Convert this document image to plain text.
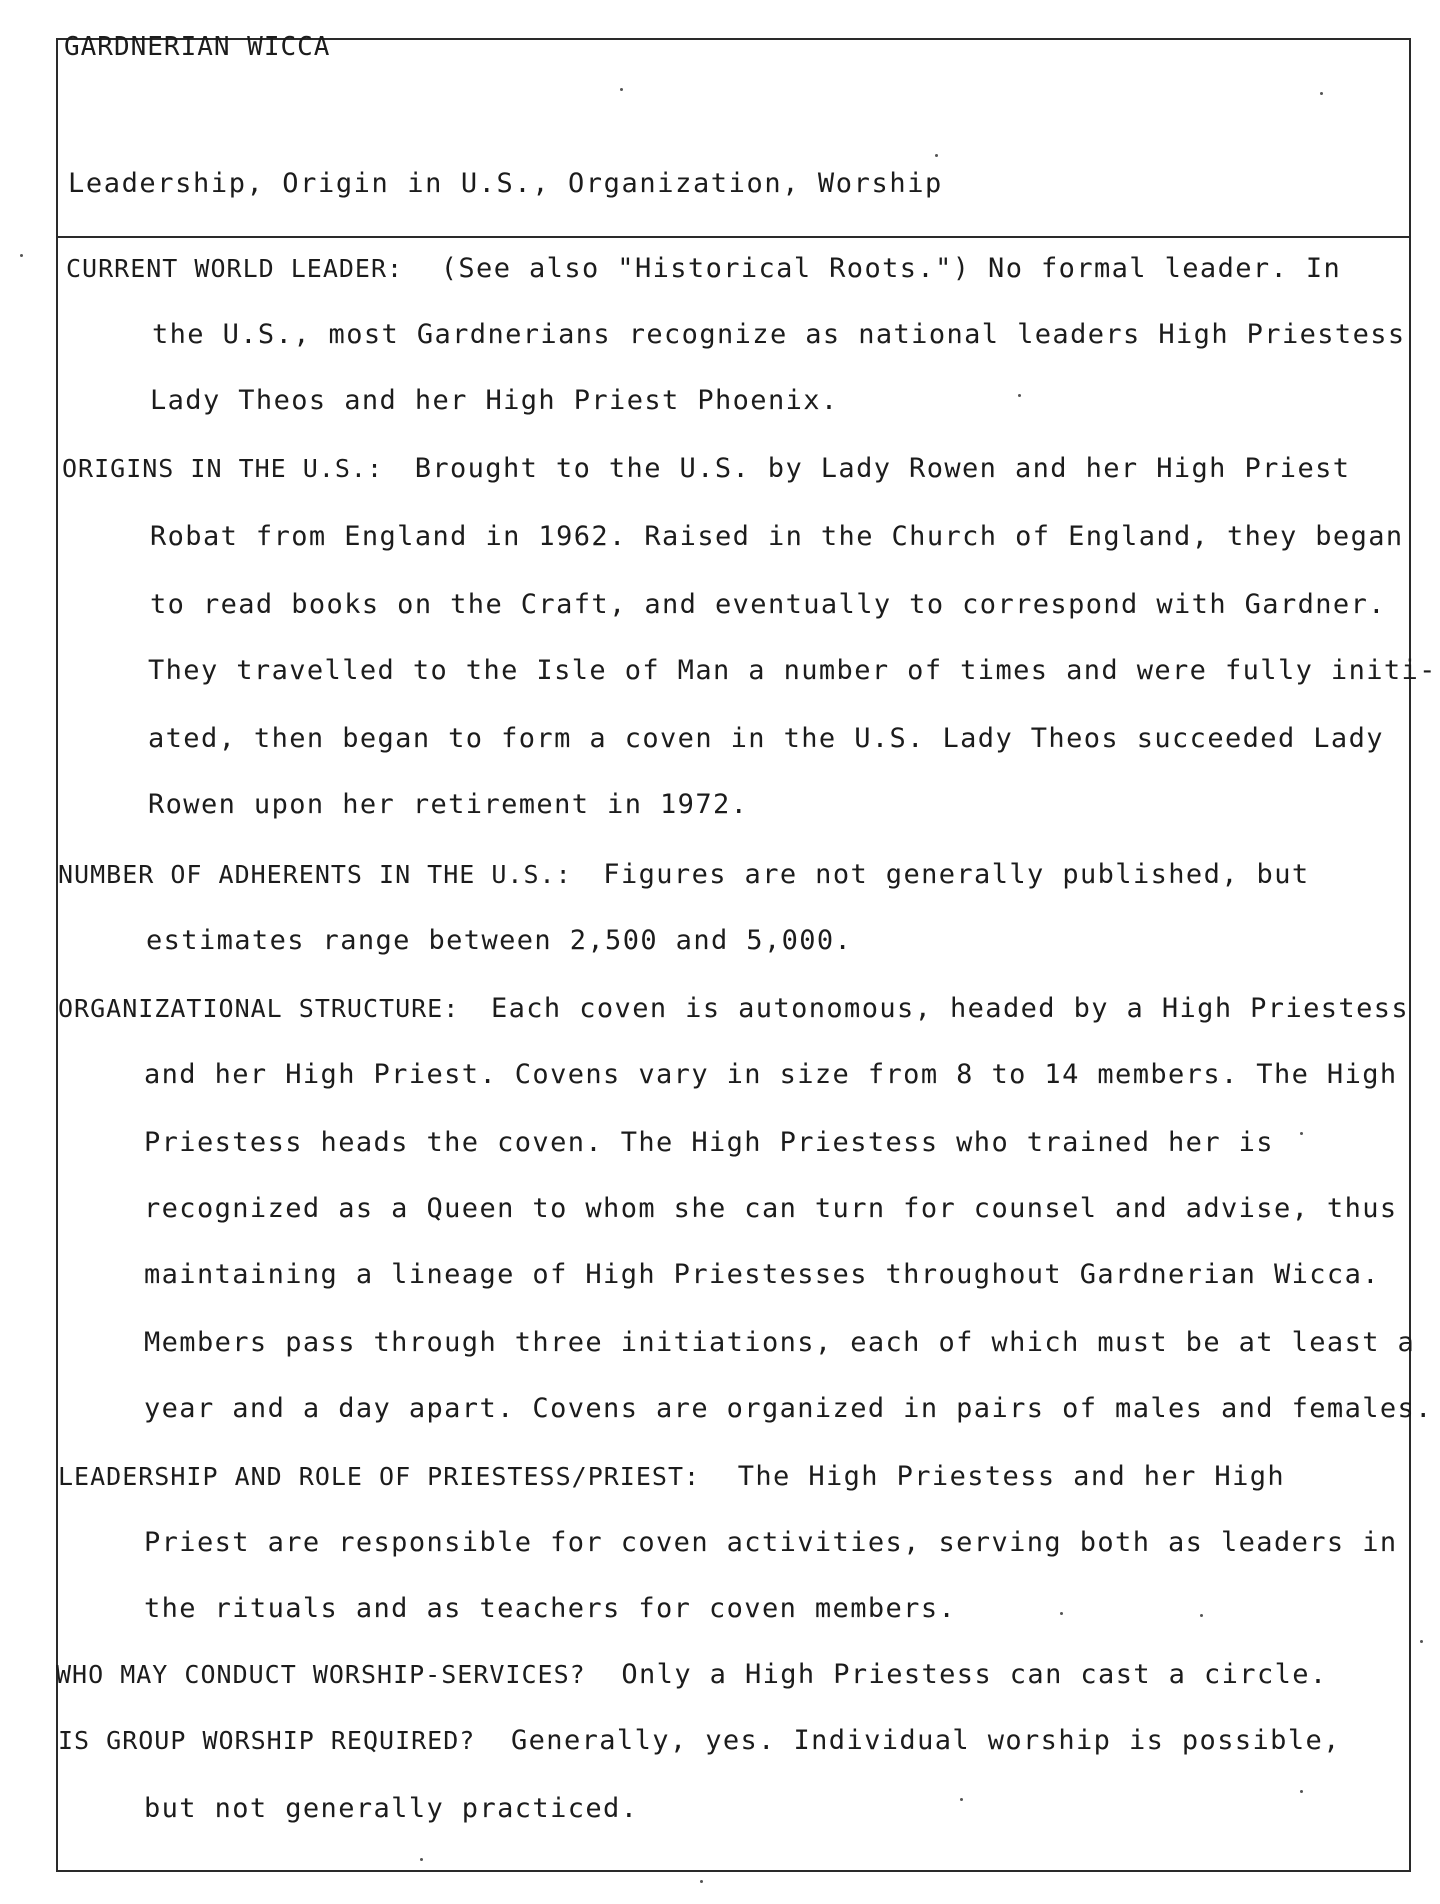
GARDNERIAN WICCA
Leadership, Origin in U.S., Organization, Worship
CURRENT WORLD LEADER: (See also "Historical Roots.") No formal leader. In
the U.S., most Gardnerians recognize as national leaders High Priestess
Lady Theos and her High Priest Phoenix.
ORIGINS IN THE U.S.: Brought to the U.S. by Lady Rowen and her High Priest
Robat from England in 1962. Raised in the Church of England, they began
to read books on the Craft, and eventually to correspond with Gardner.
They travelled to the Isle of Man a number of times and were fully initi-
ated, then began to form a coven in the U.S. Lady Theos succeeded Lady
Rowen upon her retirement in 1972.
NUMBER OF ADHERENTS IN THE U.S.: Figures are not generally published, but
estimates range between 2,500 and 5,000.
ORGANIZATIONAL STRUCTURE: Each coven is autonomous, headed by a High Priestess
and her High Priest. Covens vary in size from 8 to 14 members. The High
Priestess heads the coven. The High Priestess who trained her is
recognized as a Queen to whom she can turn for counsel and advise, thus
maintaining a lineage of High Priestesses throughout Gardnerian Wicca.
Members pass through three initiations, each of which must be at least a
year and a day apart. Covens are organized in pairs of males and females.
LEADERSHIP AND ROLE OF PRIESTESS/PRIEST: The High Priestess and her High
Priest are responsible for coven activities, serving both as leaders in
the rituals and as teachers for coven members.
WHO MAY CONDUCT WORSHIP-SERVICES? Only a High Priestess can cast a circle.
IS GROUP WORSHIP REQUIRED? Generally, yes. Individual worship is possible,
but not generally practiced.
